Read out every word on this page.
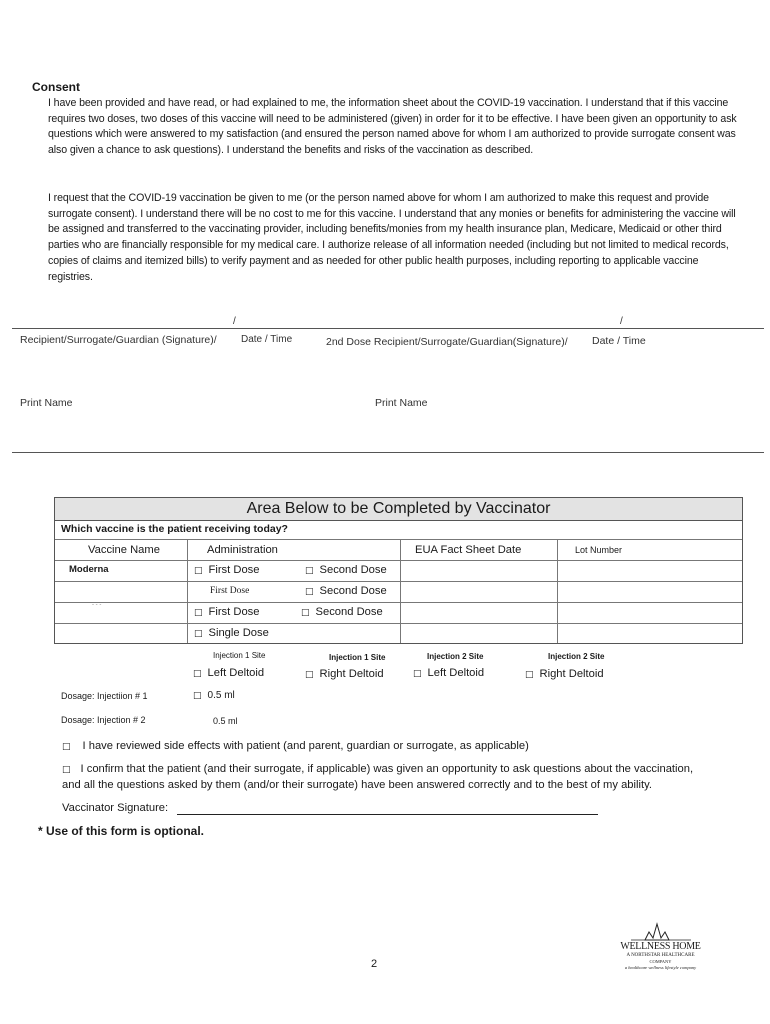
Consent

I have been provided and have read, or had explained to me, the information sheet about the COVID-19 vaccination. I understand that if this vaccine requires two doses, two doses of this vaccine will need to be administered (given) in order for it to be effective. I have been given an opportunity to ask questions which were answered to my satisfaction (and ensured the person named above for whom I am authorized to provide surrogate consent was also given a chance to ask questions). I understand the benefits and risks of the vaccination as described.

I request that the COVID-19 vaccination be given to me (or the person named above for whom I am authorized to make this request and provide surrogate consent). I understand there will be no cost to me for this vaccine. I understand that any monies or benefits for administering the vaccine will be assigned and transferred to the vaccinating provider, including benefits/monies from my health insurance plan, Medicare, Medicaid or other third parties who are financially responsible for my medical care. I authorize release of all information needed (including but not limited to medical records, copies of claims and itemized bills) to verify payment and as needed for other public health purposes, including reporting to applicable vaccine registries.

/	/
Recipient/Surrogate/Guardian (Signature)/ Date / Time	2nd Dose Recipient/Surrogate/Guardian(Signature)/ Date / Time
Print Name	Print Name
Area Below to be Completed by Vaccinator
Which vaccine is the patient receiving today?
Vaccine Name	Administration	EUA Fact Sheet Date	Lot Number
Moderna	□ First Dose	□ Second Dose
First Dose	□ Second Dose
- - -
□ First Dose	□ Second Dose
□ Single Dose
Injection 1 Site	Injection 1 Site	Injection 2 Site	Injection 2 Site
□ Left Deltoid	□ Right Deltoid	□ Left Deltoid	□ Right Deltoid
Dosage: Injectiion # 1	□ 0.5 ml
Dosage: Injection # 2	0.5 ml
□ I have reviewed side effects with patient (and parent, guardian or surrogate, as applicable)
□ I confirm that the patient (and their surrogate, if applicable) was given an opportunity to ask questions about the vaccination,
and all the questions asked by them (and/or their surrogate) have been answered correctly and to the best of my ability.
Vaccinator Signature:
* Use of this form is optional.
2
WELLNESS HOME
A NORTHSTAR HEALTHCARE
COMPANY
a healthcare wellness lifestyle company
